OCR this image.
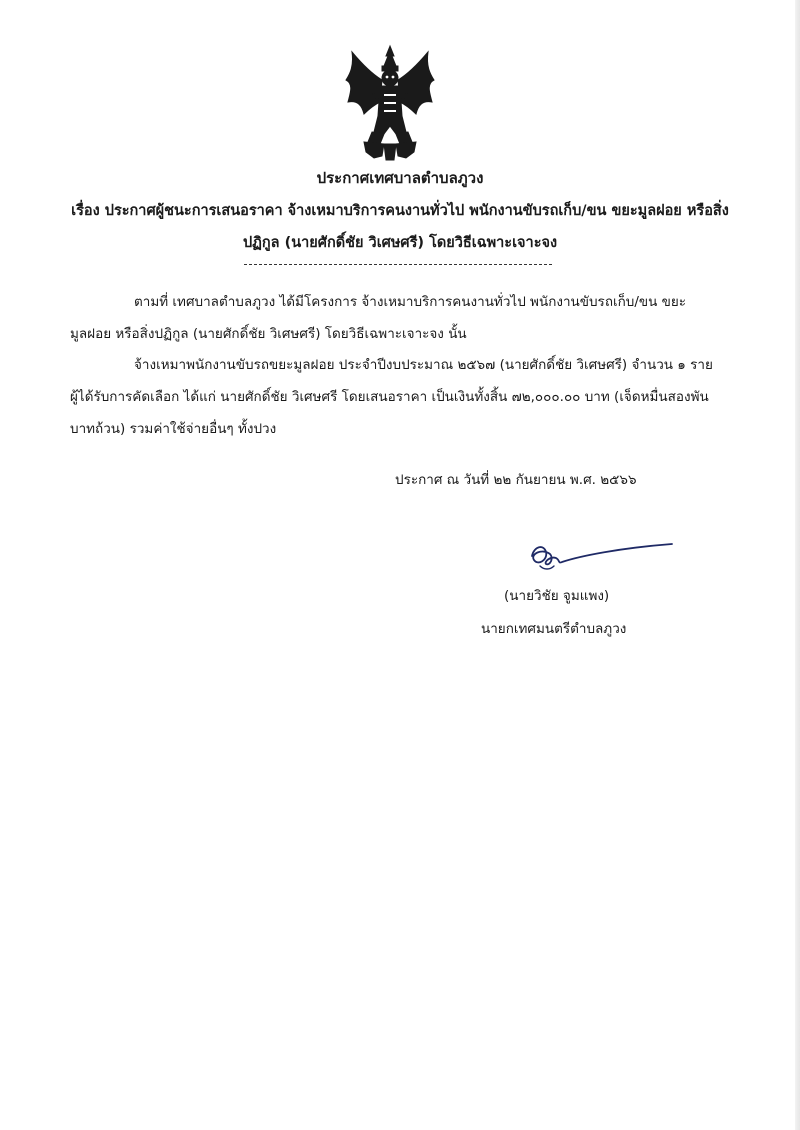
ประกาศเทศบาลตำบลภูวง
เรื่อง ประกาศผู้ชนะการเสนอราคา จ้างเหมาบริการคนงานทั่วไป พนักงานขับรถเก็บ/ขน ขยะมูลฝอย หรือสิ่ง
ปฏิกูล (นายศักดิ์ชัย วิเศษศรี) โดยวิธีเฉพาะเจาะจง
ตามที่ เทศบาลตำบลภูวง ได้มีโครงการ จ้างเหมาบริการคนงานทั่วไป พนักงานขับรถเก็บ/ขน ขยะ
มูลฝอย หรือสิ่งปฏิกูล (นายศักดิ์ชัย วิเศษศรี) โดยวิธีเฉพาะเจาะจง นั้น
จ้างเหมาพนักงานขับรถขยะมูลฝอย ประจำปีงบประมาณ ๒๕๖๗ (นายศักดิ์ชัย วิเศษศรี) จำนวน ๑ ราย
ผู้ได้รับการคัดเลือก ได้แก่ นายศักดิ์ชัย วิเศษศรี โดยเสนอราคา เป็นเงินทั้งสิ้น ๗๒,๐๐๐.๐๐ บาท (เจ็ดหมื่นสองพัน
บาทถ้วน) รวมค่าใช้จ่ายอื่นๆ ทั้งปวง
ประกาศ ณ วันที่ ๒๒ กันยายน พ.ศ. ๒๕๖๖
(นายวิชัย จูมแพง)
นายกเทศมนตรีตำบลภูวง
